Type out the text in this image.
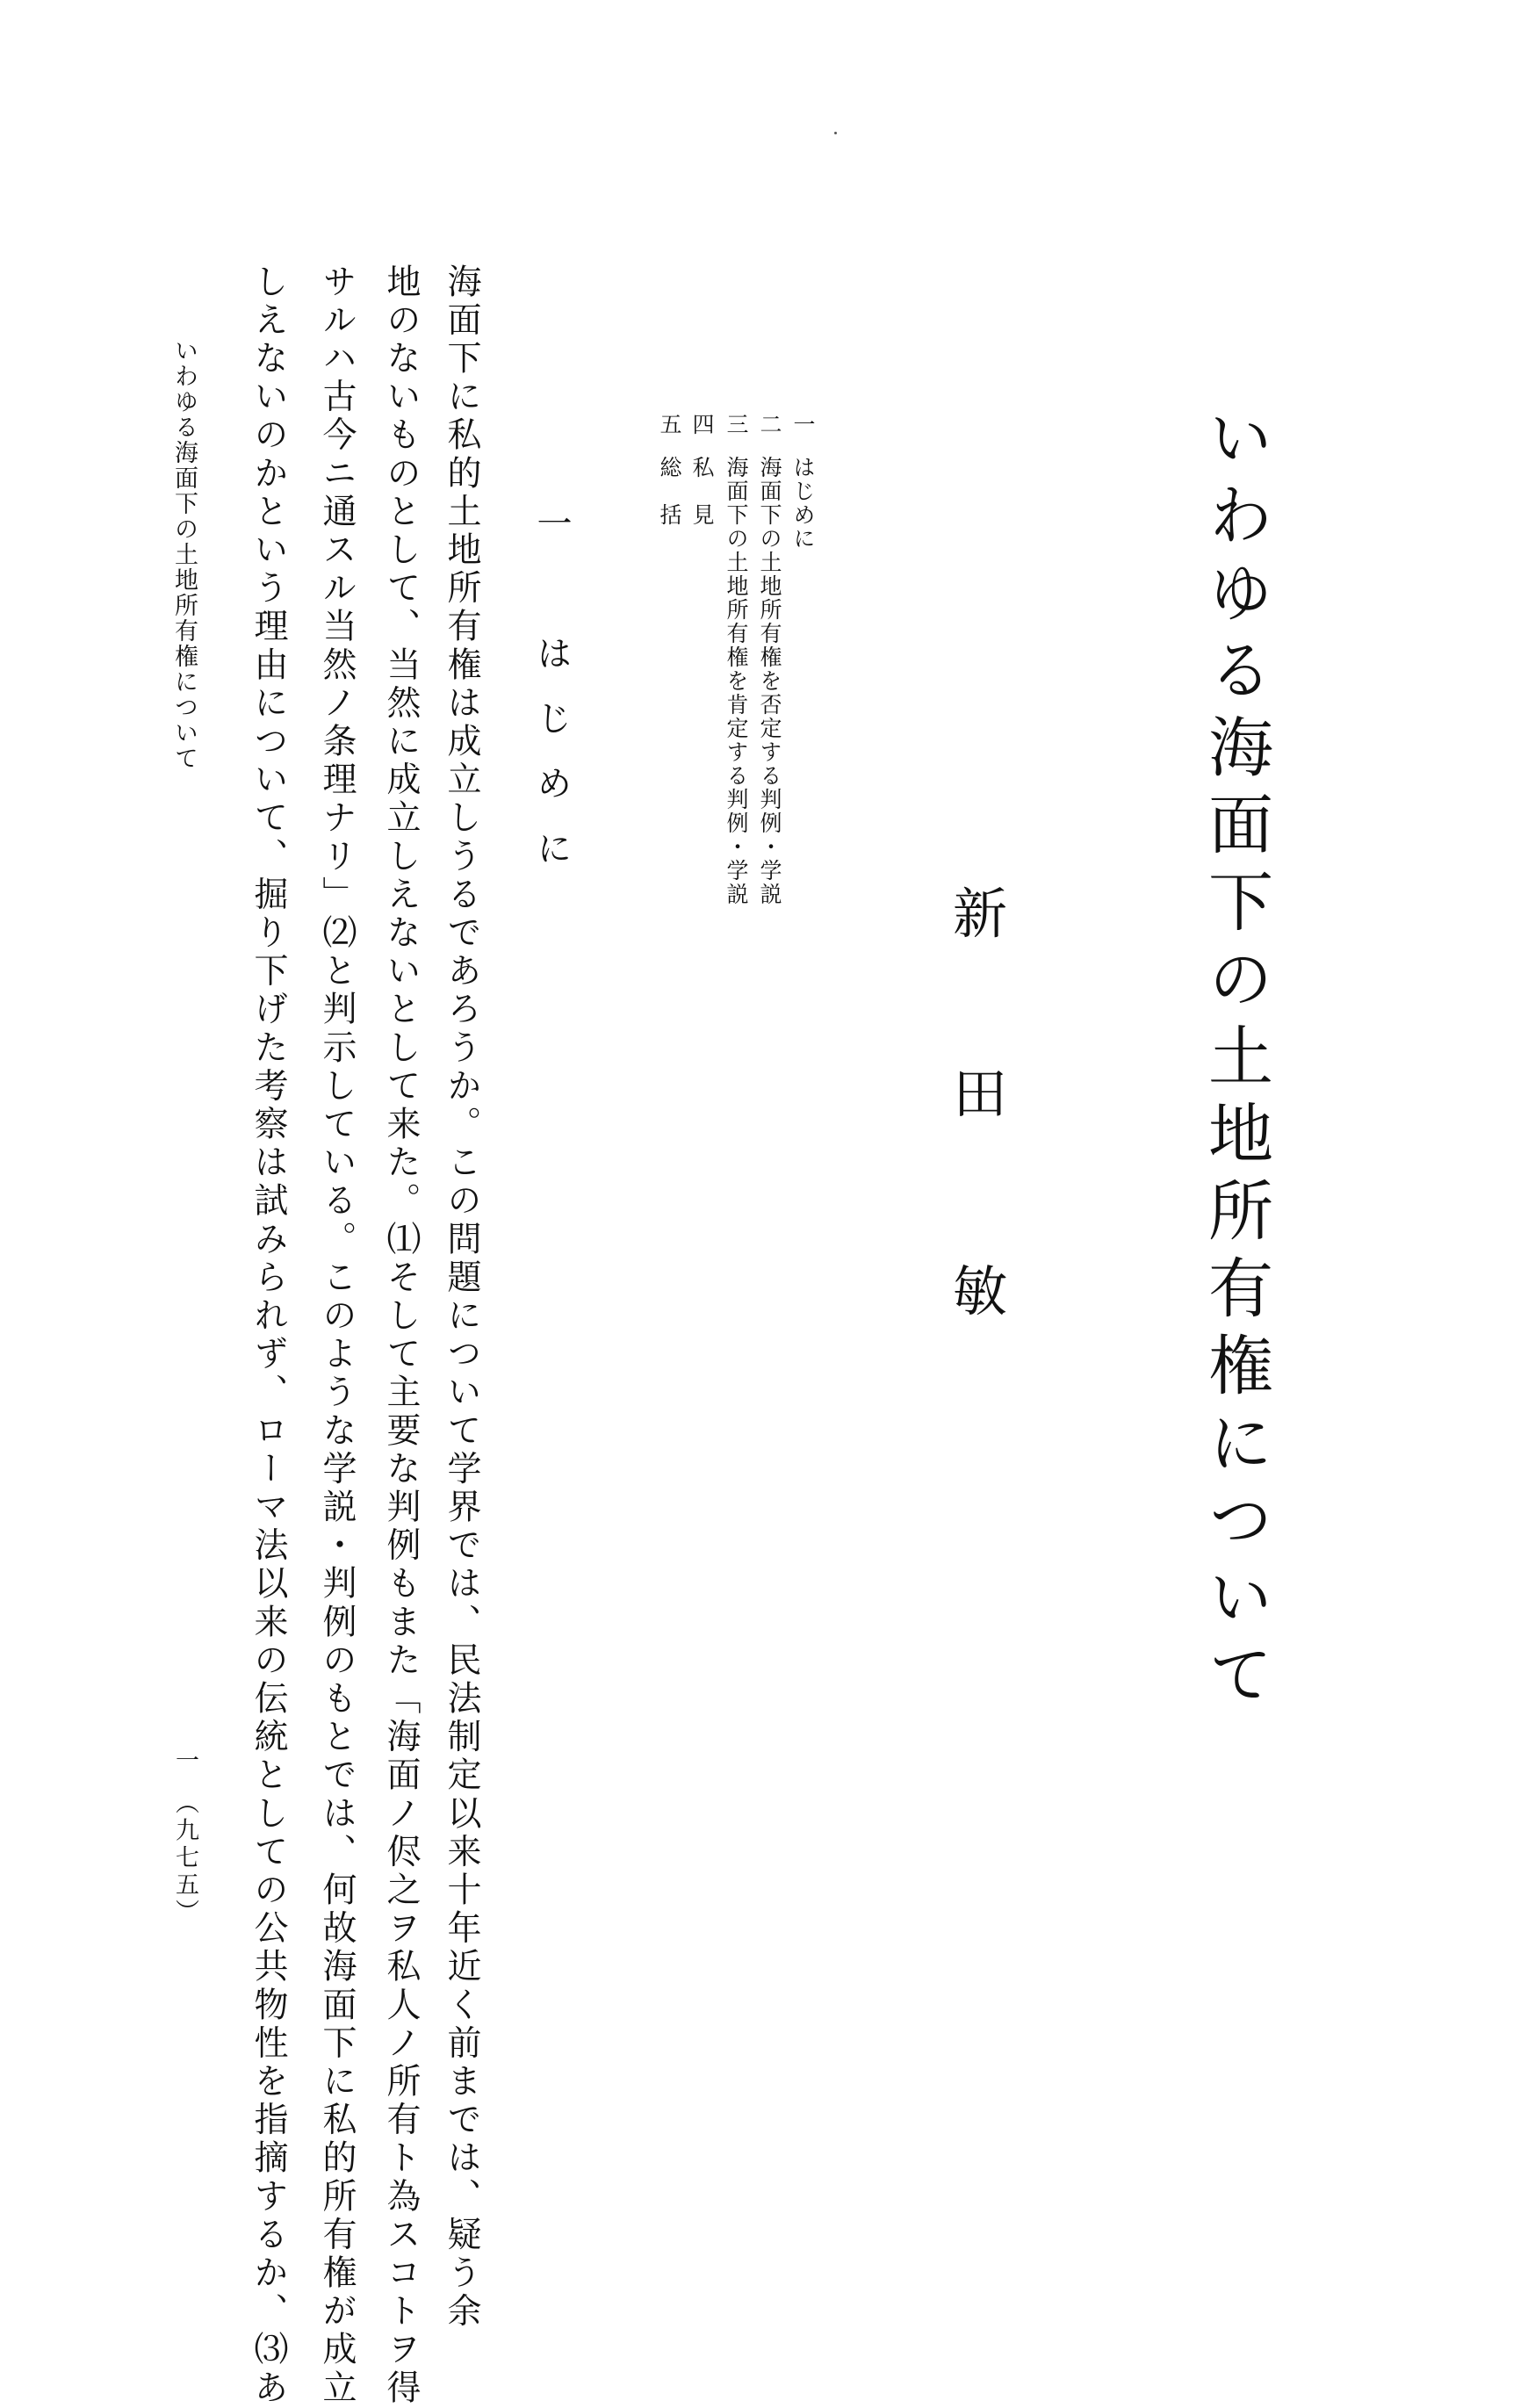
いわゆる海面下の土地所有権について
新
田
敏
一はじめに
二海面下の土地所有権を否定する判例・学説
三海面下の土地所有権を肯定する判例・学説
四私　見
五総　括
一　はじめに
海面下に私的土地所有権は成立しうるであろうか。この問題について学界では、民法制定以来十年近く前までは、疑う余
地のないものとして、当然に成立しえないとして来た。⑴そして主要な判例もまた「海面ノ侭之ヲ私人ノ所有ト為スコトヲ得
サルハ古今ニ通スル当然ノ条理ナリ」⑵と判示している。このような学説・判例のもとでは、何故海面下に私的所有権が成立
しえないのかという理由について、掘り下げた考察は試みられず、ローマ法以来の伝統としての公共物性を指摘するか、⑶あ
いわゆる海面下の土地所有権について
一　（九七五）
